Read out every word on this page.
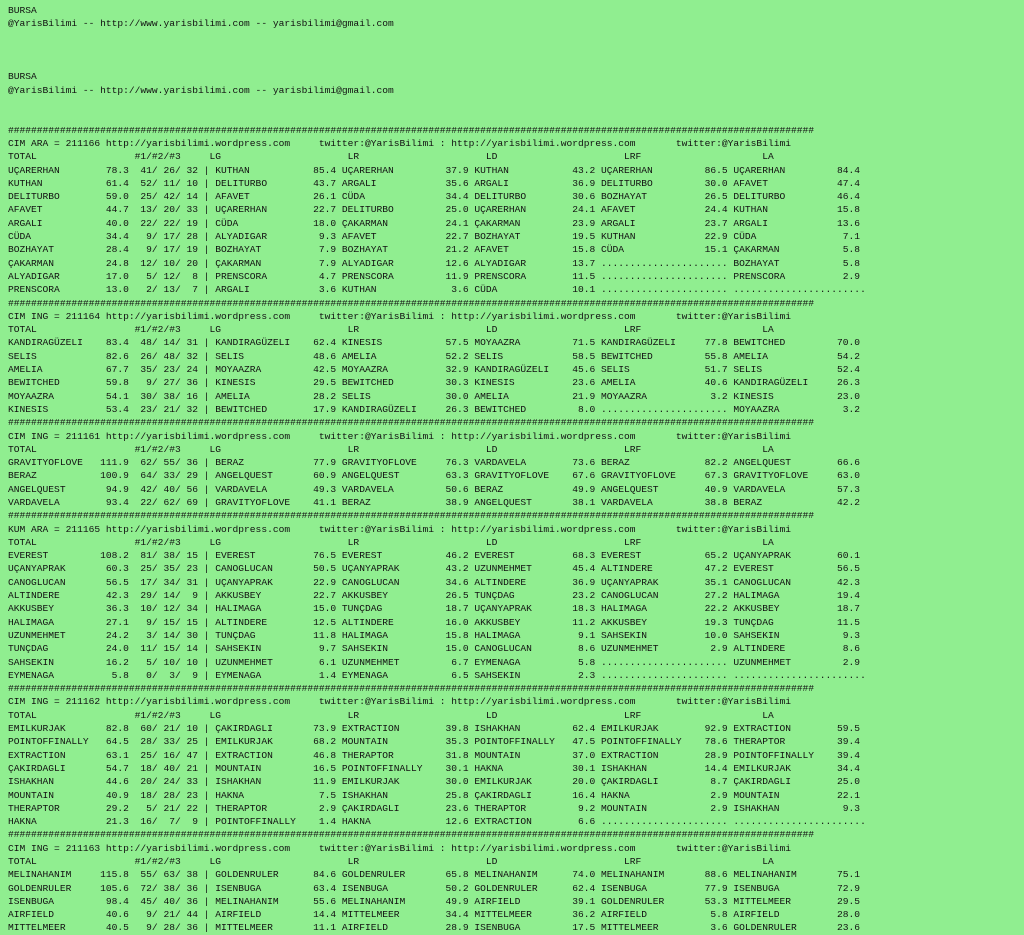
BURSA
@YarisBilimi -- http://www.yarisbilimi.com -- yarisbilimi@gmail.com
BURSA
@YarisBilimi -- http://www.yarisbilimi.com -- yarisbilimi@gmail.com
############################################################################################################################################
CIM ARA = 211166 http://yarisbilimi.wordpress.com     twitter:@YarisBilimi : http://yarisbilimi.wordpress.com       twitter:@YarisBilimi
TOTAL                 #1/#2/#3     LG                      LR                      LD                      LRF                     LA
UÇARERHAN        78.3  41/ 26/ 32 | KUTHAN           85.4 UÇARERHAN         37.9 KUTHAN           43.2 UÇARERHAN         86.5 UÇARERHAN         84.4
KUTHAN           61.4  52/ 11/ 10 | DELITURBO        43.7 ARGALI            35.6 ARGALI           36.9 DELITURBO         30.0 AFAVET            47.4
DELITURBO        59.0  25/ 42/ 14 | AFAVET           26.1 CÜDA              34.4 DELITURBO        30.6 BOZHAYAT          26.5 DELITURBO         46.4
AFAVET           44.7  13/ 20/ 33 | UÇARERHAN        22.7 DELITURBO         25.0 UÇARERHAN        24.1 AFAVET            24.4 KUTHAN            15.8
ARGALI           40.0  22/ 22/ 19 | CÜDA             18.0 ÇAKARMAN          24.1 ÇAKARMAN         23.9 ARGALI            23.7 ARGALI            13.6
CÜDA             34.4   9/ 17/ 28 | ALYADIGAR         9.3 AFAVET            22.7 BOZHAYAT         19.5 KUTHAN            22.9 CÜDA               7.1
BOZHAYAT         28.4   9/ 17/ 19 | BOZHAYAT          7.9 BOZHAYAT          21.2 AFAVET           15.8 CÜDA              15.1 ÇAKARMAN           5.8
ÇAKARMAN         24.8  12/ 10/ 20 | ÇAKARMAN          7.9 ALYADIGAR         12.6 ALYADIGAR        13.7 ...................... BOZHAYAT           5.8
ALYADIGAR        17.0   5/ 12/  8 | PRENSCORA         4.7 PRENSCORA         11.9 PRENSCORA        11.5 ...................... PRENSCORA          2.9
PRENSCORA        13.0   2/ 13/  7 | ARGALI            3.6 KUTHAN             3.6 CÜDA             10.1 ...................... .......................
############################################################################################################################################
CIM ING = 211164 http://yarisbilimi.wordpress.com     twitter:@YarisBilimi : http://yarisbilimi.wordpress.com       twitter:@YarisBilimi
TOTAL                 #1/#2/#3     LG                      LR                      LD                      LRF                     LA
KANDIRAGÜZELI    83.4  48/ 14/ 31 | KANDIRAGÜZELI    62.4 KINESIS           57.5 MOYAAZRA         71.5 KANDIRAGÜZELI     77.8 BEWITCHED         70.0
SELIS            82.6  26/ 48/ 32 | SELIS            48.6 AMELIA            52.2 SELIS            58.5 BEWITCHED         55.8 AMELIA            54.2
AMELIA           67.7  35/ 23/ 24 | MOYAAZRA         42.5 MOYAAZRA          32.9 KANDIRAGÜZELI    45.6 SELIS             51.7 SELIS             52.4
BEWITCHED        59.8   9/ 27/ 36 | KINESIS          29.5 BEWITCHED         30.3 KINESIS          23.6 AMELIA            40.6 KANDIRAGÜZELI     26.3
MOYAAZRA         54.1  30/ 38/ 16 | AMELIA           28.2 SELIS             30.0 AMELIA           21.9 MOYAAZRA           3.2 KINESIS           23.0
KINESIS          53.4  23/ 21/ 32 | BEWITCHED        17.9 KANDIRAGÜZELI     26.3 BEWITCHED         8.0 ...................... MOYAAZRA           3.2
############################################################################################################################################
CIM ING = 211161 http://yarisbilimi.wordpress.com     twitter:@YarisBilimi : http://yarisbilimi.wordpress.com       twitter:@YarisBilimi
TOTAL                 #1/#2/#3     LG                      LR                      LD                      LRF                     LA
GRAVITYOFLOVE   111.9  62/ 55/ 36 | BERAZ            77.9 GRAVITYOFLOVE     76.3 VARDAVELA        73.6 BERAZ             82.2 ANGELQUEST        66.6
BERAZ           100.9  64/ 33/ 29 | ANGELQUEST       60.9 ANGELQUEST        63.3 GRAVITYOFLOVE    67.6 GRAVITYOFLOVE     67.3 GRAVITYOFLOVE     63.0
ANGELQUEST       94.9  42/ 40/ 56 | VARDAVELA        49.3 VARDAVELA         50.6 BERAZ            49.9 ANGELQUEST        40.9 VARDAVELA         57.3
VARDAVELA        93.4  22/ 62/ 69 | GRAVITYOFLOVE    41.1 BERAZ             38.9 ANGELQUEST       38.1 VARDAVELA         38.8 BERAZ             42.2
############################################################################################################################################
KUM ARA = 211165 http://yarisbilimi.wordpress.com     twitter:@YarisBilimi : http://yarisbilimi.wordpress.com       twitter:@YarisBilimi
TOTAL                 #1/#2/#3     LG                      LR                      LD                      LRF                     LA
EVEREST         108.2  81/ 38/ 15 | EVEREST          76.5 EVEREST           46.2 EVEREST          68.3 EVEREST           65.2 UÇANYAPRAK        60.1
UÇANYAPRAK       60.3  25/ 35/ 23 | CANOGLUCAN       50.5 UÇANYAPRAK        43.2 UZUNMEHMET       45.4 ALTINDERE         47.2 EVEREST           56.5
CANOGLUCAN       56.5  17/ 34/ 31 | UÇANYAPRAK       22.9 CANOGLUCAN        34.6 ALTINDERE        36.9 UÇANYAPRAK        35.1 CANOGLUCAN        42.3
ALTINDERE        42.3  29/ 14/  9 | AKKUSBEY         22.7 AKKUSBEY          26.5 TUNÇDAG          23.2 CANOGLUCAN        27.2 HALIMAGA          19.4
AKKUSBEY         36.3  10/ 12/ 34 | HALIMAGA         15.0 TUNÇDAG           18.7 UÇANYAPRAK       18.3 HALIMAGA          22.2 AKKUSBEY          18.7
HALIMAGA         27.1   9/ 15/ 15 | ALTINDERE        12.5 ALTINDERE         16.0 AKKUSBEY         11.2 AKKUSBEY          19.3 TUNÇDAG           11.5
UZUNMEHMET       24.2   3/ 14/ 30 | TUNÇDAG          11.8 HALIMAGA          15.8 HALIMAGA          9.1 SAHSEKIN          10.0 SAHSEKIN           9.3
TUNÇDAG          24.0  11/ 15/ 14 | SAHSEKIN          9.7 SAHSEKIN          15.0 CANOGLUCAN        8.6 UZUNMEHMET         2.9 ALTINDERE          8.6
SAHSEKIN         16.2   5/ 10/ 10 | UZUNMEHMET        6.1 UZUNMEHMET         6.7 EYMENAGA          5.8 ...................... UZUNMEHMET         2.9
EYMENAGA          5.8   0/  3/  9 | EYMENAGA          1.4 EYMENAGA           6.5 SAHSEKIN          2.3 ...................... .......................
############################################################################################################################################
CIM ING = 211162 http://yarisbilimi.wordpress.com     twitter:@YarisBilimi : http://yarisbilimi.wordpress.com       twitter:@YarisBilimi
TOTAL                 #1/#2/#3     LG                      LR                      LD                      LRF                     LA
EMILKURJAK       82.8  60/ 21/ 10 | ÇAKIRDAGLI       73.9 EXTRACTION        39.8 ISHAKHAN         62.4 EMILKURJAK        92.9 EXTRACTION        59.5
POINTOFFINALLY   64.5  28/ 33/ 25 | EMILKURJAK       68.2 MOUNTAIN          35.3 POINTOFFINALLY   47.5 POINTOFFINALLY    78.6 THERAPTOR         39.4
EXTRACTION       63.1  25/ 16/ 47 | EXTRACTION       46.8 THERAPTOR         31.8 MOUNTAIN         37.0 EXTRACTION        28.9 POINTOFFINALLY    39.4
ÇAKIRDAGLI       54.7  18/ 40/ 21 | MOUNTAIN         16.5 POINTOFFINALLY    30.1 HAKNA            30.1 ISHAKHAN          14.4 EMILKURJAK        34.4
ISHAKHAN         44.6  20/ 24/ 33 | ISHAKHAN         11.9 EMILKURJAK        30.0 EMILKURJAK       20.0 ÇAKIRDAGLI         8.7 ÇAKIRDAGLI        25.0
MOUNTAIN         40.9  18/ 28/ 23 | HAKNA             7.5 ISHAKHAN          25.8 ÇAKIRDAGLI       16.4 HAKNA              2.9 MOUNTAIN          22.1
THERAPTOR        29.2   5/ 21/ 22 | THERAPTOR         2.9 ÇAKIRDAGLI        23.6 THERAPTOR         9.2 MOUNTAIN           2.9 ISHAKHAN           9.3
HAKNA            21.3  16/  7/  9 | POINTOFFINALLY    1.4 HAKNA             12.6 EXTRACTION        6.6 ...................... .......................
############################################################################################################################################
CIM ING = 211163 http://yarisbilimi.wordpress.com     twitter:@YarisBilimi : http://yarisbilimi.wordpress.com       twitter:@YarisBilimi
TOTAL                 #1/#2/#3     LG                      LR                      LD                      LRF                     LA
MELINAHANIM     115.8  55/ 63/ 38 | GOLDENRULER      84.6 GOLDENRULER       65.8 MELINAHANIM      74.0 MELINAHANIM       88.6 MELINAHANIM       75.1
GOLDENRULER     105.6  72/ 38/ 36 | ISENBUGA         63.4 ISENBUGA          50.2 GOLDENRULER      62.4 ISENBUGA          77.9 ISENBUGA          72.9
ISENBUGA         98.4  45/ 40/ 36 | MELINAHANIM      55.6 MELINAHANIM       49.9 AIRFIELD         39.1 GOLDENRULER       53.3 MITTELMEER        29.5
AIRFIELD         40.6   9/ 21/ 44 | AIRFIELD         14.4 MITTELMEER        34.4 MITTELMEER       36.2 AIRFIELD           5.8 AIRFIELD          28.0
MITTELMEER       40.5   9/ 28/ 36 | MITTELMEER       11.1 AIRFIELD          28.9 ISENBUGA         17.5 MITTELMEER         3.6 GOLDENRULER       23.6
